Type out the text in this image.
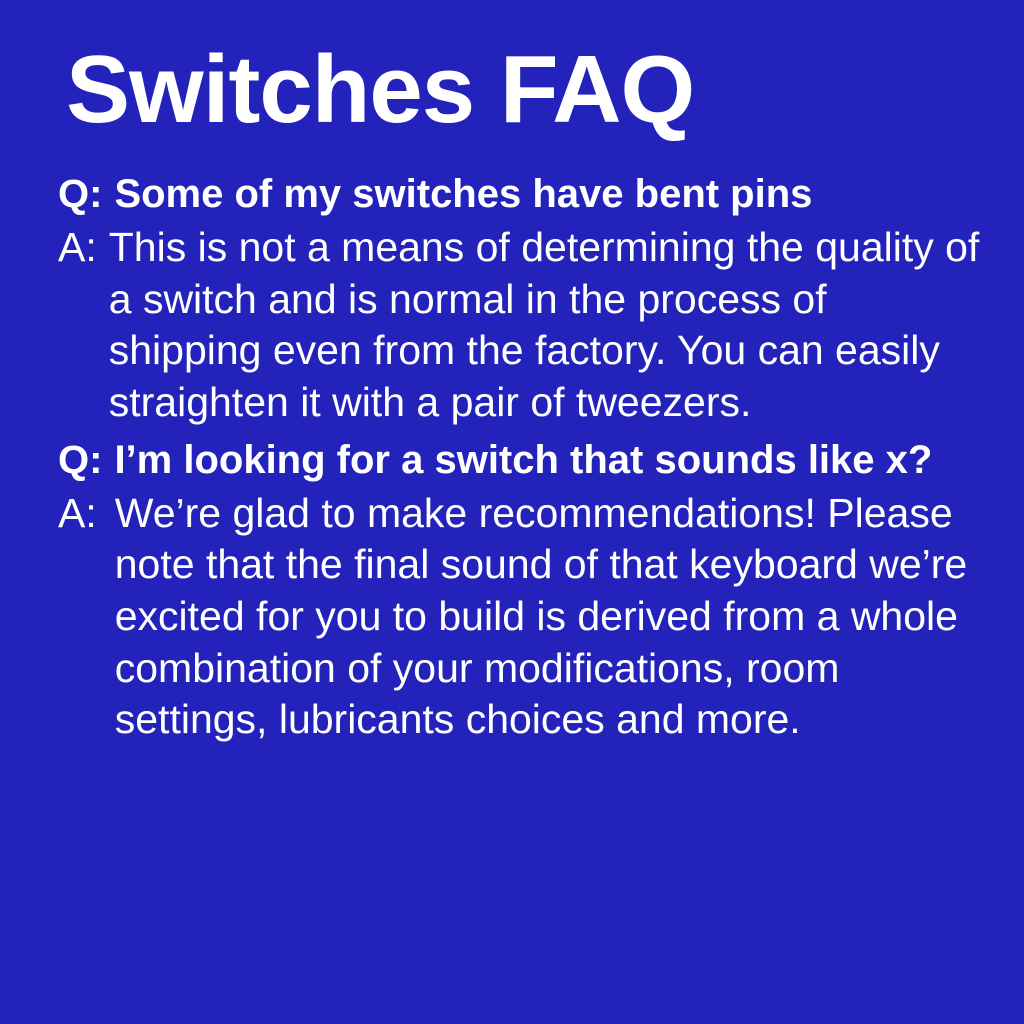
Switches FAQ
Q: Some of my switches have bent pins
A: This is not a means of determining the quality of a switch and is normal in the process of shipping even from the factory. You can easily straighten it with a pair of tweezers.
Q: I’m looking for a switch that sounds like x?
A: We’re glad to make recommendations! Please note that the final sound of that keyboard we’re excited for you to build is derived from a whole combination of your modifications, room settings, lubricants choices and more.
